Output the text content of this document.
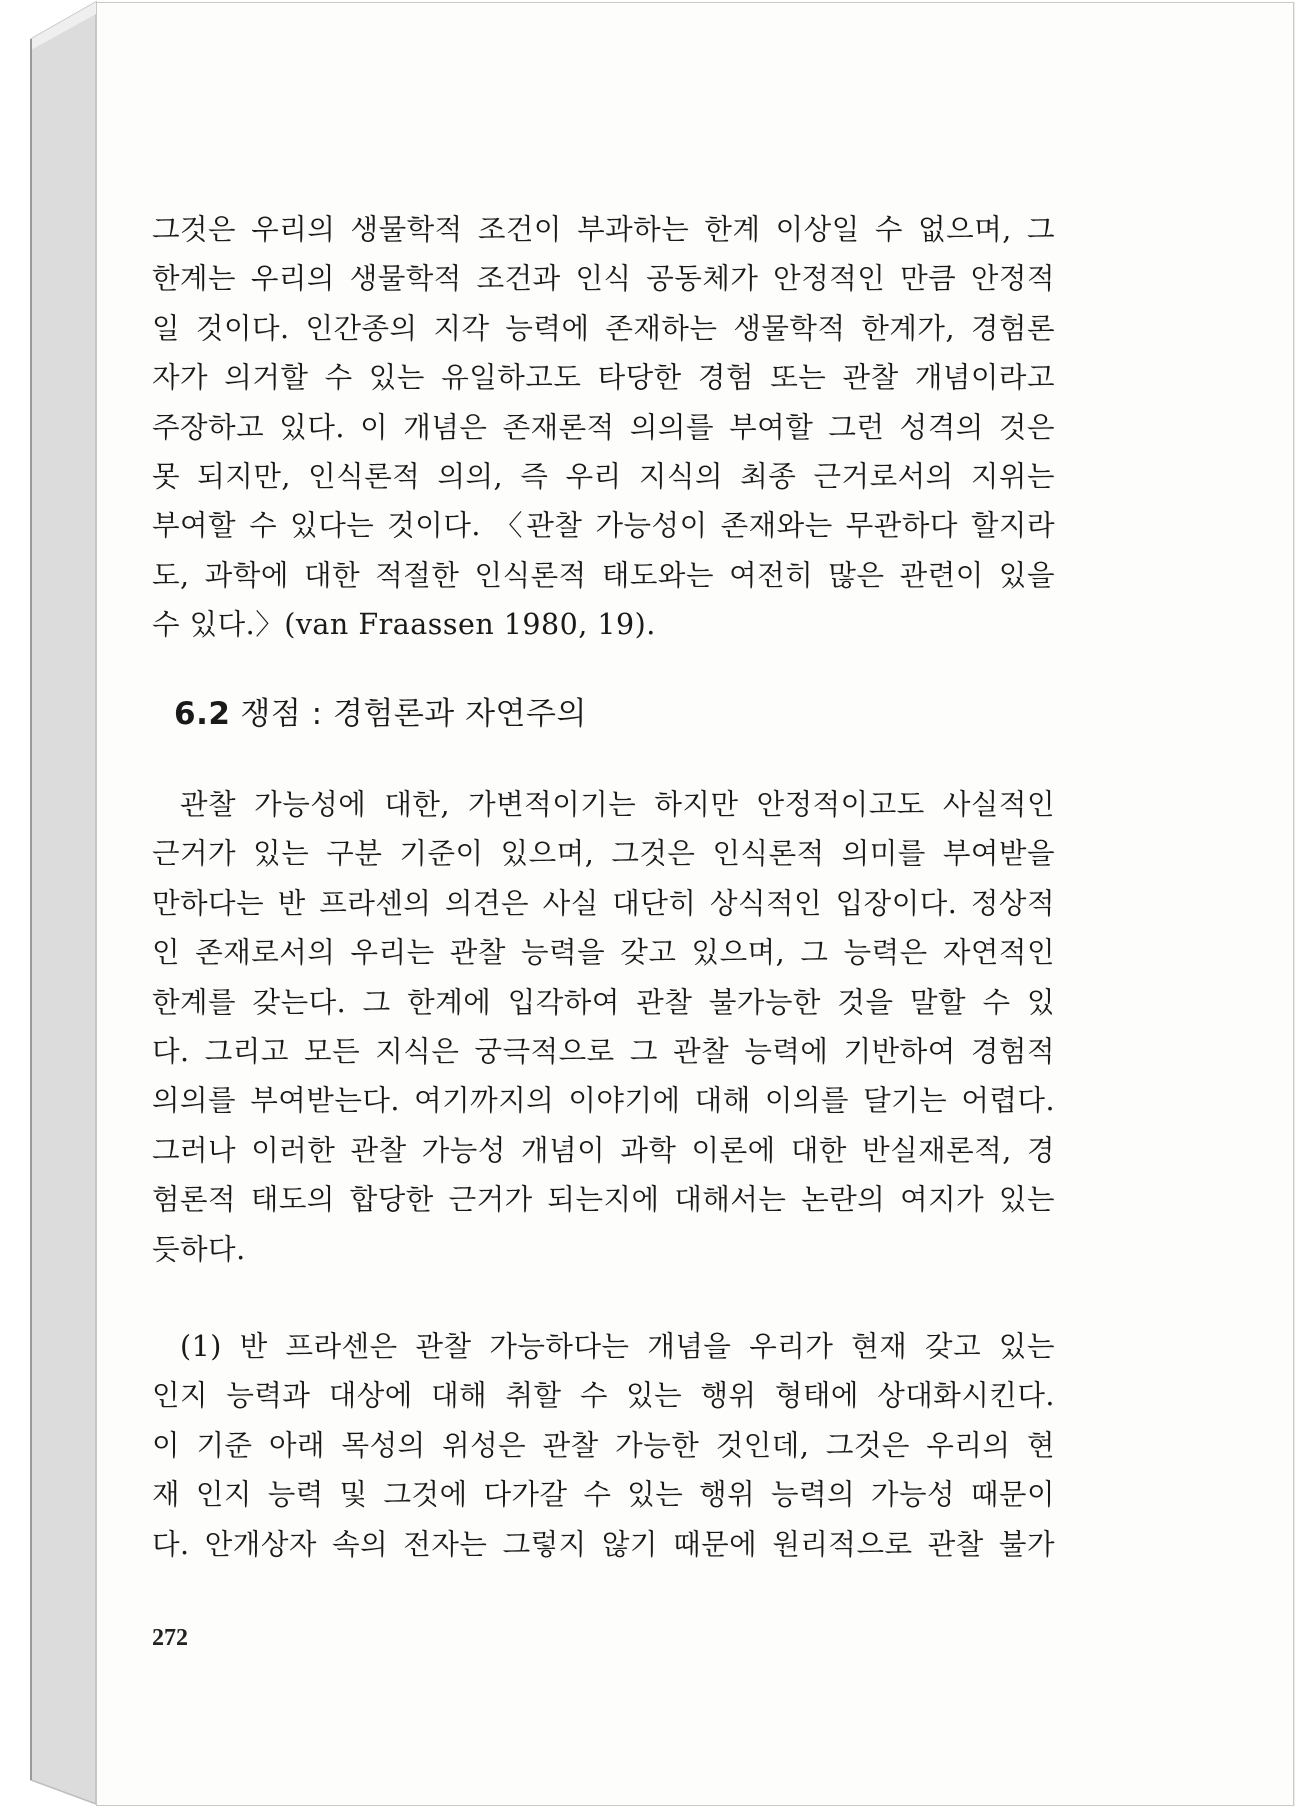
그것은 우리의 생물학적 조건이 부과하는 한계 이상일 수 없으며, 그
한계는 우리의 생물학적 조건과 인식 공동체가 안정적인 만큼 안정적
일 것이다. 인간종의 지각 능력에 존재하는 생물학적 한계가, 경험론
자가 의거할 수 있는 유일하고도 타당한 경험 또는 관찰 개념이라고
주장하고 있다. 이 개념은 존재론적 의의를 부여할 그런 성격의 것은
못 되지만, 인식론적 의의, 즉 우리 지식의 최종 근거로서의 지위는
부여할 수 있다는 것이다. 〈관찰 가능성이 존재와는 무관하다 할지라
도, 과학에 대한 적절한 인식론적 태도와는 여전히 많은 관련이 있을
수 있다.〉(van Fraassen 1980, 19).
6.2 쟁점 : 경험론과 자연주의
관찰 가능성에 대한, 가변적이기는 하지만 안정적이고도 사실적인
근거가 있는 구분 기준이 있으며, 그것은 인식론적 의미를 부여받을
만하다는 반 프라센의 의견은 사실 대단히 상식적인 입장이다. 정상적
인 존재로서의 우리는 관찰 능력을 갖고 있으며, 그 능력은 자연적인
한계를 갖는다. 그 한계에 입각하여 관찰 불가능한 것을 말할 수 있
다. 그리고 모든 지식은 궁극적으로 그 관찰 능력에 기반하여 경험적
의의를 부여받는다. 여기까지의 이야기에 대해 이의를 달기는 어렵다.
그러나 이러한 관찰 가능성 개념이 과학 이론에 대한 반실재론적, 경
험론적 태도의 합당한 근거가 되는지에 대해서는 논란의 여지가 있는
듯하다.
(1) 반 프라센은 관찰 가능하다는 개념을 우리가 현재 갖고 있는
인지 능력과 대상에 대해 취할 수 있는 행위 형태에 상대화시킨다.
이 기준 아래 목성의 위성은 관찰 가능한 것인데, 그것은 우리의 현
재 인지 능력 및 그것에 다가갈 수 있는 행위 능력의 가능성 때문이
다. 안개상자 속의 전자는 그렇지 않기 때문에 원리적으로 관찰 불가
272
